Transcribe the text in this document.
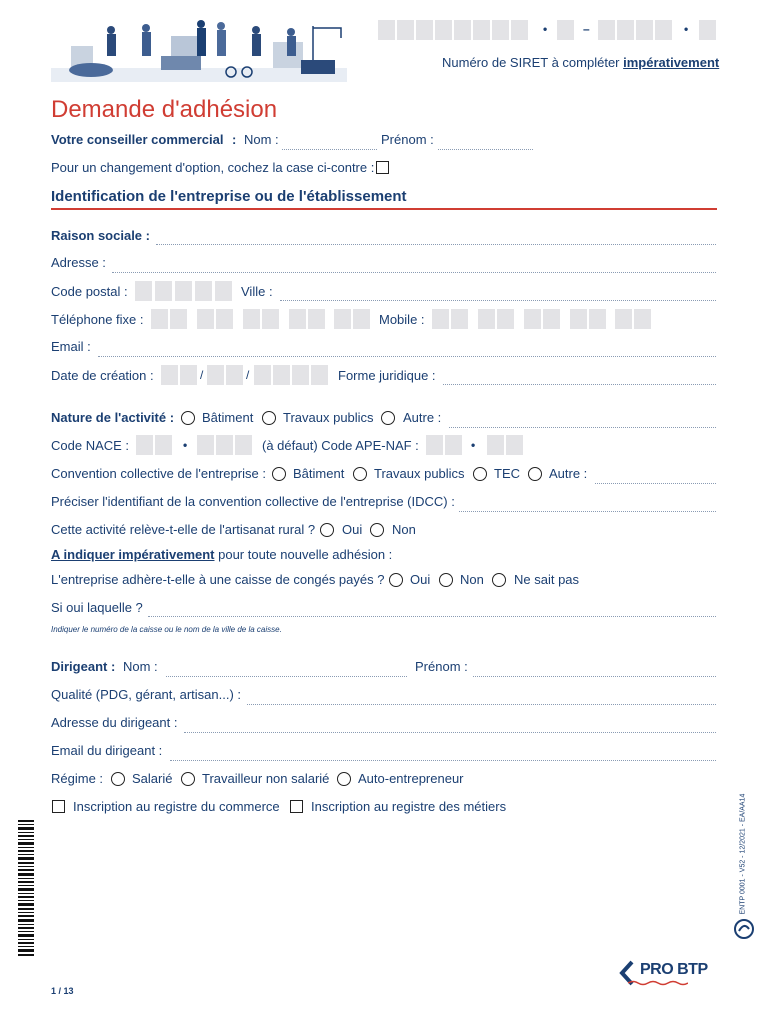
•	–	•
Numéro de SIRET à compléter impérativement
Demande d'adhésion
Votre conseiller commercial : Nom :	Prénom :
Pour un changement d'option, cochez la case ci-contre :
Identification de l'entreprise ou de l'établissement
Raison sociale :
Adresse :
Code postal :	Ville :
Téléphone fixe :	Mobile :
Email :
Date de création :	/	/	Forme juridique :
Nature de l'activité : Bâtiment Travaux publics Autre :
Code NACE :	•	(à défaut) Code APE-NAF :	•
Convention collective de l'entreprise : Bâtiment Travaux publics TEC Autre :
Préciser l'identifiant de la convention collective de l'entreprise (IDCC) :
Cette activité relève-t-elle de l'artisanat rural ? Oui Non
A indiquer impérativement pour toute nouvelle adhésion :
L'entreprise adhère-t-elle à une caisse de congés payés ? Oui Non Ne sait pas
Si oui laquelle ?
Indiquer le numéro de la caisse ou le nom de la ville de la caisse.
Dirigeant : Nom :	Prénom :
Qualité (PDG, gérant, artisan...) :
Adresse du dirigeant :
Email du dirigeant :
Régime : Salarié Travailleur non salarié Auto-entrepreneur
Inscription au registre du commerce Inscription au registre des métiers	ENTP 0001 - V52 - 12/2021 - EA/AA14
PRO BTP
1 / 13
